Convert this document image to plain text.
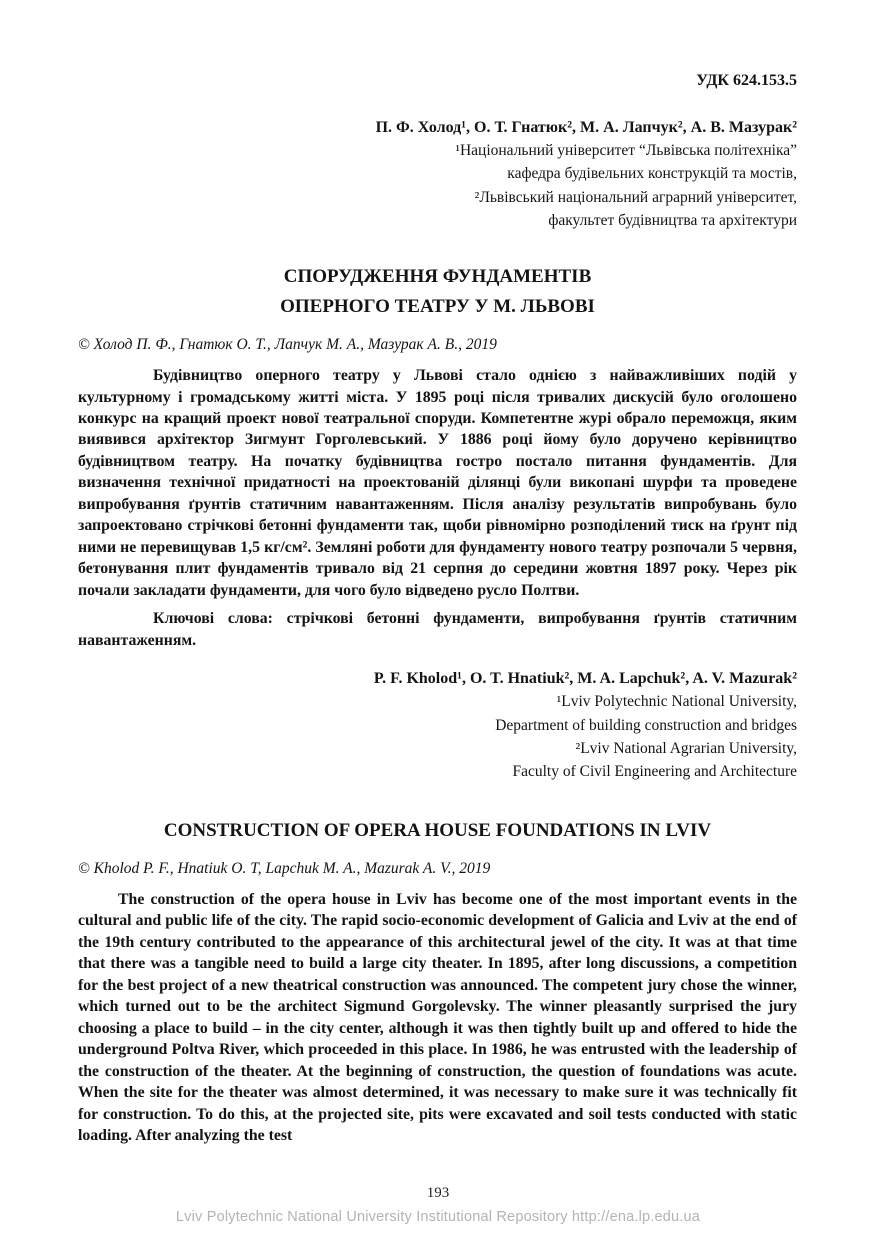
УДК 624.153.5

П. Ф. Холод¹, О. Т. Гнатюк², М. А. Лапчук², А. В. Мазурак²

¹Національний університет “Львівська політехніка”

кафедра будівельних конструкцій та мостів,

²Львівський національний аграрний університет,

факультет будівництва та архітектури

СПОРУДЖЕННЯ ФУНДАМЕНТІВ
ОПЕРНОГО ТЕАТРУ У М. ЛЬВОВІ

© Холод П. Ф., Гнатюк О. Т., Лапчук М. А., Мазурак А. В., 2019

Будівництво оперного театру у Львові стало однією з найважливіших подій у культурному і громадському житті міста. У 1895 році після тривалих дискусій було оголошено конкурс на кращий проект нової театральної споруди. Компетентне журі обрало переможця, яким виявився архітектор Зигмунт Горголевський. У 1886 році йому було доручено керівництво будівництвом театру. На початку будівництва гостро постало питання фундаментів. Для визначення технічної придатності на проектованій ділянці були викопані шурфи та проведене випробування ґрунтів статичним навантаженням. Після аналізу результатів випробувань було запроектовано стрічкові бетонні фундаменти так, щоби рівномірно розподілений тиск на ґрунт під ними не перевищував 1,5 кг/см². Земляні роботи для фундаменту нового театру розпочали 5 червня, бетонування плит фундаментів тривало від 21 серпня до середини жовтня 1897 року. Через рік почали закладати фундаменти, для чого було відведено русло Полтви.

Ключові слова: стрічкові бетонні фундаменти, випробування ґрунтів статичним навантаженням.

P. F. Kholod¹, O. T. Hnatiuk², M. A. Lapchuk², A. V. Mazurak²

¹Lviv Polytechnic National University,

Department of building construction and bridges

²Lviv National Agrarian University,

Faculty of Civil Engineering and Architecture

CONSTRUCTION OF OPERA HOUSE FOUNDATIONS IN LVIV

© Kholod P. F., Hnatiuk O. T, Lapchuk M. A., Mazurak A. V., 2019

The construction of the opera house in Lviv has become one of the most important events in the cultural and public life of the city. The rapid socio-economic development of Galicia and Lviv at the end of the 19th century contributed to the appearance of this architectural jewel of the city. It was at that time that there was a tangible need to build a large city theater. In 1895, after long discussions, a competition for the best project of a new theatrical construction was announced. The competent jury chose the winner, which turned out to be the architect Sigmund Gorgolevsky. The winner pleasantly surprised the jury choosing a place to build – in the city center, although it was then tightly built up and offered to hide the underground Poltva River, which proceeded in this place. In 1986, he was entrusted with the leadership of the construction of the theater. At the beginning of construction, the question of foundations was acute. When the site for the theater was almost determined, it was necessary to make sure it was technically fit for construction. To do this, at the projected site, pits were excavated and soil tests conducted with static loading. After analyzing the test

193
Lviv Polytechnic National University Institutional Repository http://ena.lp.edu.ua
